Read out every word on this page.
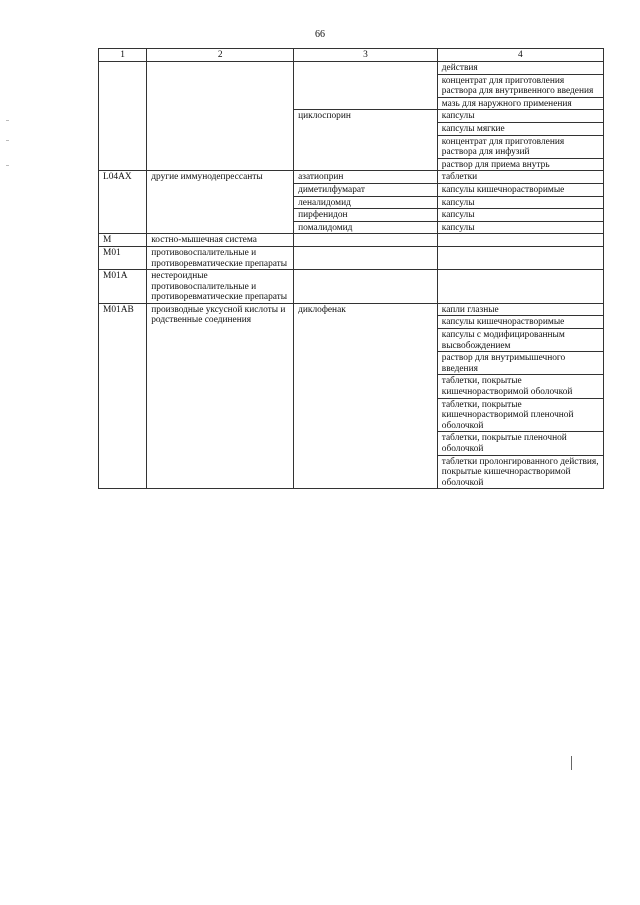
66
1	2	3	4
			действия
			концентрат для приготовления раствора для внутривенного введения
			мазь для наружного применения
		циклоспорин	капсулы
			капсулы мягкие
			концентрат для приготовления раствора для инфузий
			раствор для приема внутрь
L04AX	другие иммунодепрессанты	азатиоприн	таблетки
		диметилфумарат	капсулы кишечнорастворимые
		леналидомид	капсулы
		пирфенидон	капсулы
		помалидомид	капсулы
M	костно-мышечная система		
M01	противовоспалительные и противоревматические препараты		
M01A	нестероидные противовоспалительные и противоревматические препараты		
M01AB	производные уксусной кислоты и родственные соединения	диклофенак	капли глазные
			капсулы кишечнорастворимые
			капсулы с модифицированным высвобождением
			раствор для внутримышечного введения
			таблетки, покрытые кишечнорастворимой оболочкой
			таблетки, покрытые кишечнорастворимой пленочной оболочкой
			таблетки, покрытые пленочной оболочкой
			таблетки пролонгированного действия, покрытые кишечнорастворимой оболочкой
